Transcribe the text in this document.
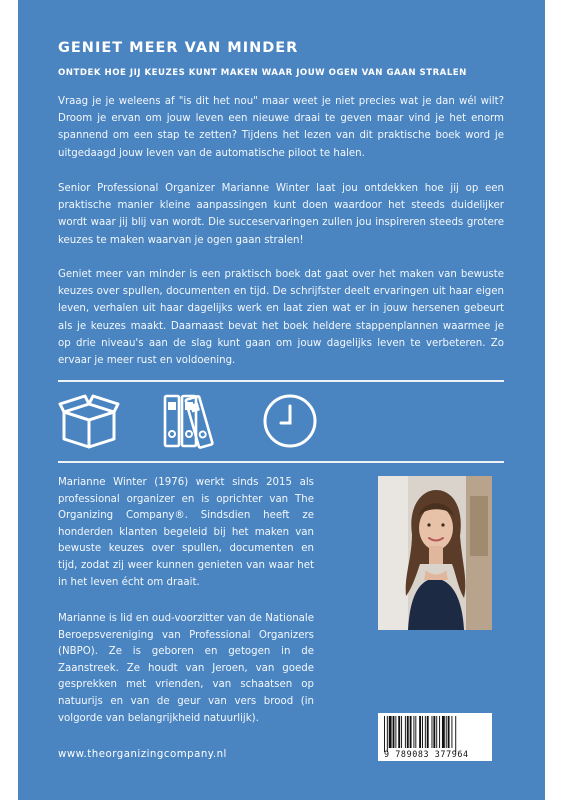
GENIET MEER VAN MINDER
ONTDEK HOE JIJ KEUZES KUNT MAKEN WAAR JOUW OGEN VAN GAAN STRALEN

Vraag je je weleens af "is dit het nou" maar weet je niet precies wat je dan wél wilt? Droom je ervan om jouw leven een nieuwe draai te geven maar vind je het enorm spannend om een stap te zetten? Tijdens het lezen van dit praktische boek word je uitgedaagd jouw leven van de automatische piloot te halen.

Senior Professional Organizer Marianne Winter laat jou ontdekken hoe jij op een praktische manier kleine aanpassingen kunt doen waardoor het steeds duidelijker wordt waar jij blij van wordt. Die succeservaringen zullen jou inspireren steeds grotere keuzes te maken waarvan je ogen gaan stralen!

Geniet meer van minder is een praktisch boek dat gaat over het maken van bewuste keuzes over spullen, documenten en tijd. De schrijfster deelt ervaringen uit haar eigen leven, verhalen uit haar dagelijks werk en laat zien wat er in jouw hersenen gebeurt als je keuzes maakt. Daarnaast bevat het boek heldere stappenplannen waarmee je op drie niveau's aan de slag kunt gaan om jouw dagelijks leven te verbeteren. Zo ervaar je meer rust en voldoening.

Marianne Winter (1976) werkt sinds 2015 als professional organizer en is oprichter van The Organizing Company®. Sindsdien heeft ze honderden klanten begeleid bij het maken van bewuste keuzes over spullen, documenten en tijd, zodat zij weer kunnen genieten van waar het in het leven écht om draait.

Marianne is lid en oud-voorzitter van de Nationale Beroepsvereniging van Professional Organizers (NBPO). Ze is geboren en getogen in de Zaanstreek. Ze houdt van Jeroen, van goede gesprekken met vrienden, van schaatsen op natuurijs en van de geur van vers brood (in volgorde van belangrijkheid natuurlijk).

www.theorganizingcompany.nl	9 789083 377964
